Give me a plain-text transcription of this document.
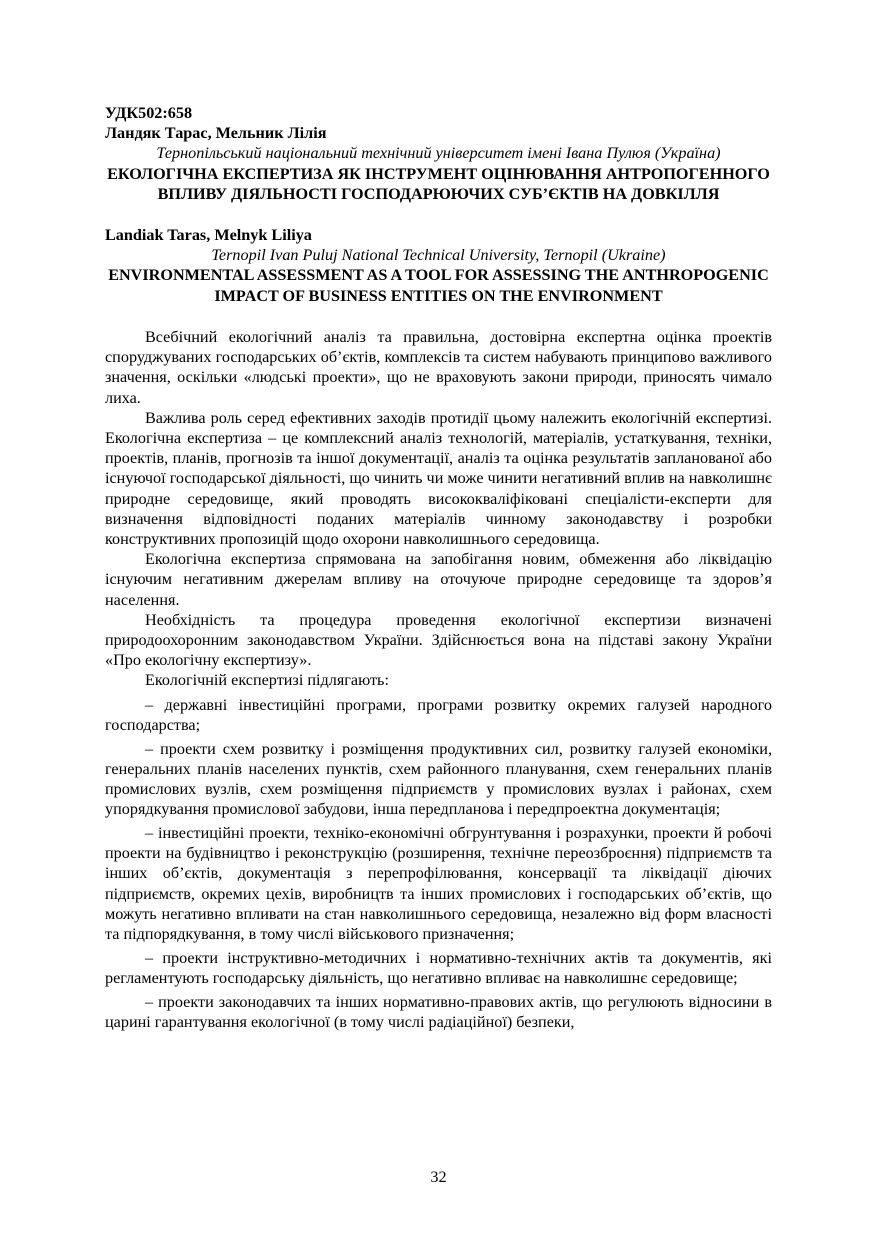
УДК502:658

Ландяк Тарас, Мельник Лілія

Тернопільський національний технічний університет імені Івана Пулюя (Україна)

ЕКОЛОГІЧНА ЕКСПЕРТИЗА ЯК ІНСТРУМЕНТ ОЦІНЮВАННЯ АНТРОПОГЕННОГО ВПЛИВУ ДІЯЛЬНОСТІ ГОСПОДАРЮЮЧИХ СУБ’ЄКТІВ НА ДОВКІЛЛЯ

Landiak Taras, Melnyk Liliya

Ternopil Ivan Puluj National Technical University, Ternopil (Ukraine)

ENVIRONMENTAL ASSESSMENT AS A TOOL FOR ASSESSING THE ANTHROPOGENIC IMPACT OF BUSINESS ENTITIES ON THE ENVIRONMENT

Всебічний екологічний аналіз та правильна, достовірна експертна оцінка проектів споруджуваних господарських об’єктів, комплексів та систем набувають принципово важливого значення, оскільки «людські проекти», що не враховують закони природи, приносять чимало лиха.

Важлива роль серед ефективних заходів протидії цьому належить екологічній експертизі. Екологічна експертиза – це комплексний аналіз технологій, матеріалів, устаткування, техніки, проектів, планів, прогнозів та іншої документації, аналіз та оцінка результатів запланованої або існуючої господарської діяльності, що чинить чи може чинити негативний вплив на навколишнє природне середовище, який проводять висококваліфіковані спеціалісти-експерти для визначення відповідності поданих матеріалів чинному законодавству і розробки конструктивних пропозицій щодо охорони навколишнього середовища.

Екологічна експертиза спрямована на запобігання новим, обмеження або ліквідацію існуючим негативним джерелам впливу на оточуюче природне середовище та здоров’я населення.

Необхідність та процедура проведення екологічної експертизи визначені природоохоронним законодавством України. Здійснюється вона на підставі закону України «Про екологічну експертизу».

Екологічній експертизі підлягають:

– державні інвестиційні програми, програми розвитку окремих галузей народного господарства;

– проекти схем розвитку і розміщення продуктивних сил, розвитку галузей економіки, генеральних планів населених пунктів, схем районного планування, схем генеральних планів промислових вузлів, схем розміщення підприємств у промислових вузлах і районах, схем упорядкування промислової забудови, інша передпланова і передпроектна документація;

– інвестиційні проекти, техніко-економічні обгрунтування і розрахунки, проекти й робочі проекти на будівництво і реконструкцію (розширення, технічне переозброєння) підприємств та інших об’єктів, документація з перепрофілювання, консервації та ліквідації діючих підприємств, окремих цехів, виробництв та інших промислових і господарських об’єктів, що можуть негативно впливати на стан навколишнього середовища, незалежно від форм власності та підпорядкування, в тому числі військового призначення;

– проекти інструктивно-методичних і нормативно-технічних актів та документів, які регламентують господарську діяльність, що негативно впливає на навколишнє середовище;

– проекти законодавчих та інших нормативно-правових актів, що регулюють відносини в царині гарантування екологічної (в тому числі радіаційної) безпеки,

32
